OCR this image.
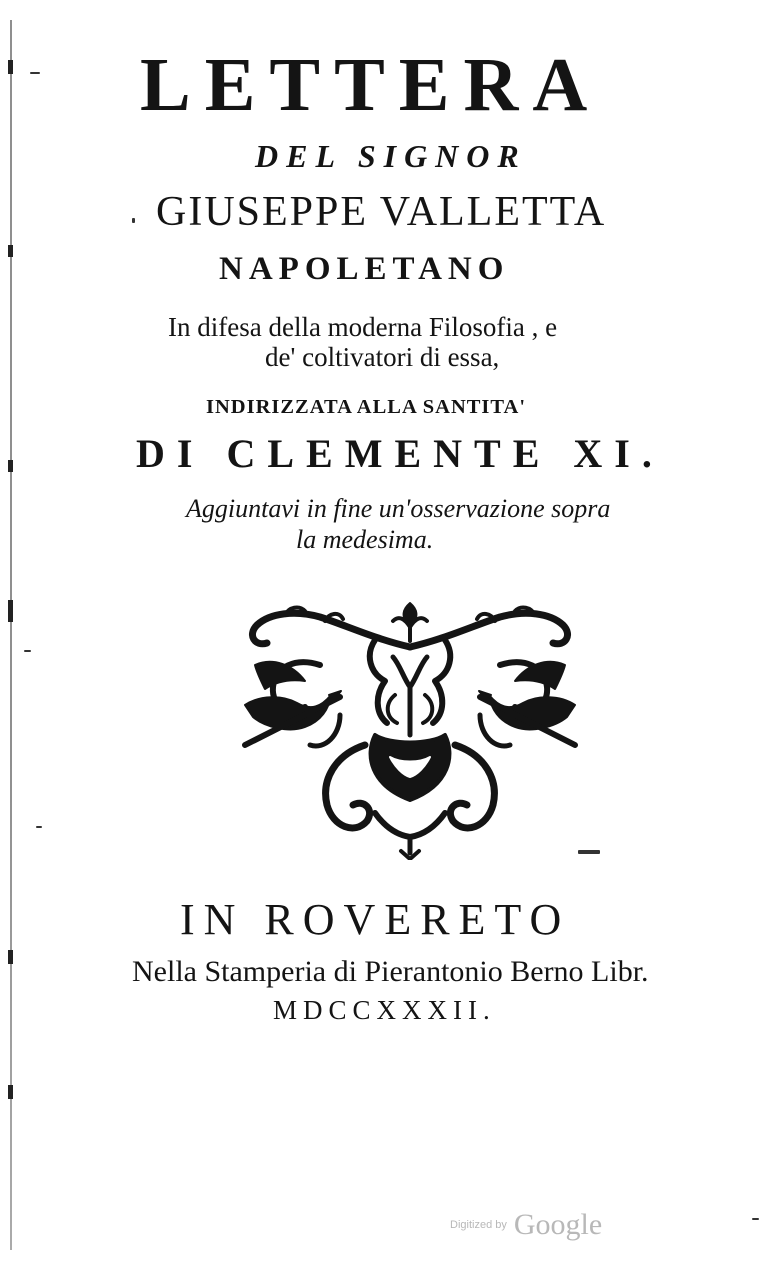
LETTERA
DEL SIGNOR
GIUSEPPE VALLETTA
NAPOLETANO
In difesa della moderna Filosofia , e
de' coltivatori di essa,
INDIRIZZATA ALLA SANTITA'
DI CLEMENTE XI.
Aggiuntavi in fine un'osservazione sopra
la medesima.
IN ROVERETO
Nella Stamperia di Pierantonio Berno Libr.
MDCCXXXII.
Digitized by Google
